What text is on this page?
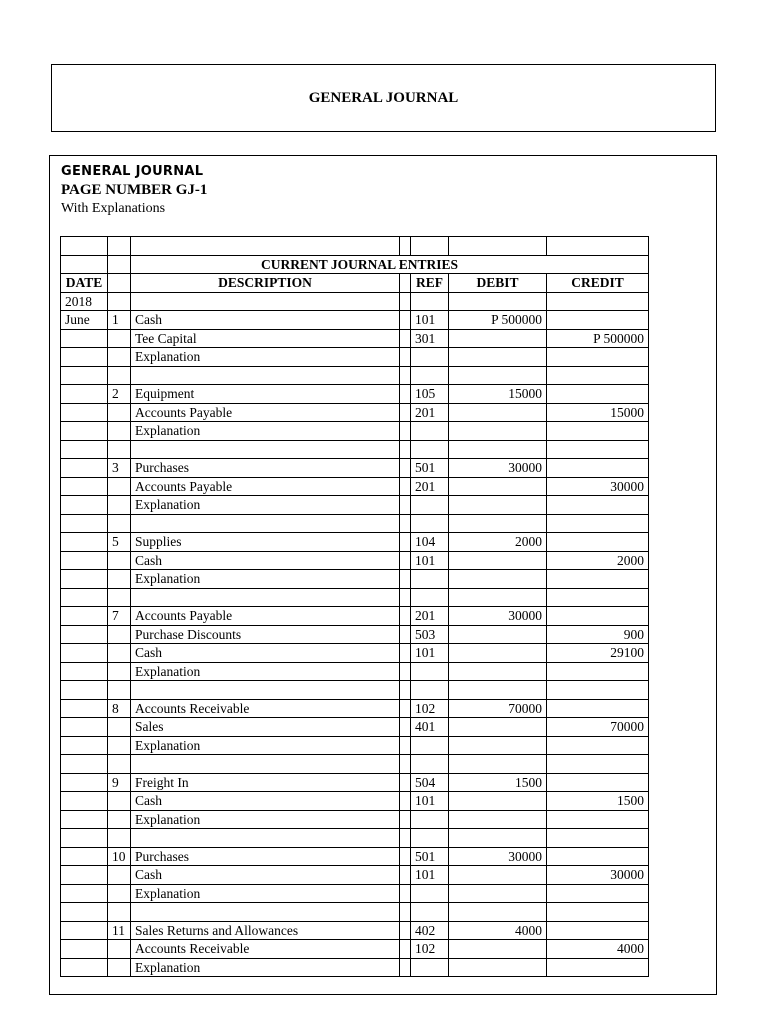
GENERAL JOURNAL
GENERAL JOURNAL
PAGE NUMBER GJ-1
With Explanations

		CURRENT JOURNAL ENTRIES				
DATE		DESCRIPTION		REF	DEBIT	CREDIT
2018						
June	1	Cash		101	P 500000	
		Tee Capital		301		P 500000
		Explanation				

	2	Equipment		105	15000	
		Accounts Payable		201		15000
		Explanation				

	3	Purchases		501	30000	
		Accounts Payable		201		30000
		Explanation				

	5	Supplies		104	2000	
		Cash		101		2000
		Explanation				

	7	Accounts Payable		201	30000	
		Purchase Discounts		503		900
		Cash		101		29100
		Explanation				

	8	Accounts Receivable		102	70000	
		Sales		401		70000
		Explanation				

	9	Freight In		504	1500	
		Cash		101		1500
		Explanation				

	10	Purchases		501	30000	
		Cash		101		30000
		Explanation				

	11	Sales Returns and Allowances		402	4000	
		Accounts Receivable		102		4000
		Explanation				
